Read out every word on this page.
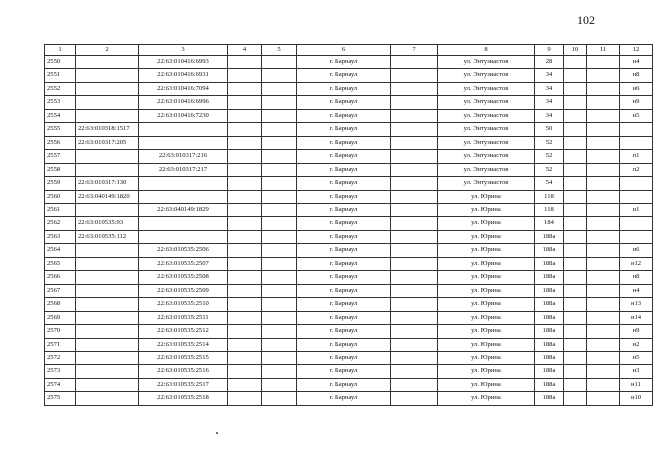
102
1	2	3	4	5	6	7	8	9	10	11	12
2550		22:63:010416:6993			г. Барнаул		ул. Энтузиастов	28			н4
2551		22:63:010416:6931			г. Барнаул		ул. Энтузиастов	34			н8
2552		22:63:010416:7094			г. Барнаул		ул. Энтузиастов	34			н6
2553		22:63:010416:6996			г. Барнаул		ул. Энтузиастов	34			н9
2554		22:63:010416:7230			г. Барнаул		ул. Энтузиастов	34			н5
2555	22:63:010318:1517				г. Барнаул		ул. Энтузиастов	50			
2556	22:63:010317:205				г. Барнаул		ул. Энтузиастов	52			
2557		22:63:010317:216			г. Барнаул		ул. Энтузиастов	52			п1
2558		22:63:010317:217			г. Барнаул		ул. Энтузиастов	52			п2
2559	22:63:010317:130				г. Барнаул		ул. Энтузиастов	54			
2560	22:63:040149:1820				г. Барнаул		ул. Юрина	118			
2561		22:63:040149:1829			г. Барнаул		ул. Юрина	118			н1
2562	22:63:010535:93				г. Барнаул		ул. Юрина	184			
2563	22:63:010535:112				г. Барнаул		ул. Юрина	188а			
2564		22:63:010535:2506			г. Барнаул		ул. Юрина	188а			н6
2565		22:63:010535:2507			г. Барнаул		ул. Юрина	188а			н12
2566		22:63:010535:2508			г. Барнаул		ул. Юрина	188а			н8
2567		22:63:010535:2509			г. Барнаул		ул. Юрина	188а			н4
2568		22:63:010535:2510			г. Барнаул		ул. Юрина	188а			н13
2569		22:63:010535:2511			г. Барнаул		ул. Юрина	188а			н14
2570		22:63:010535:2512			г. Барнаул		ул. Юрина	188а			н9
2571		22:63:010535:2514			г. Барнаул		ул. Юрина	188а			н2
2572		22:63:010535:2515			г. Барнаул		ул. Юрина	188а			н5
2573		22:63:010535:2516			г. Барнаул		ул. Юрина	188а			н3
2574		22:63:010535:2517			г. Барнаул		ул. Юрина	188а			н11
2575		22:63:010535:2518			г. Барнаул		ул. Юрина	188а			н10
